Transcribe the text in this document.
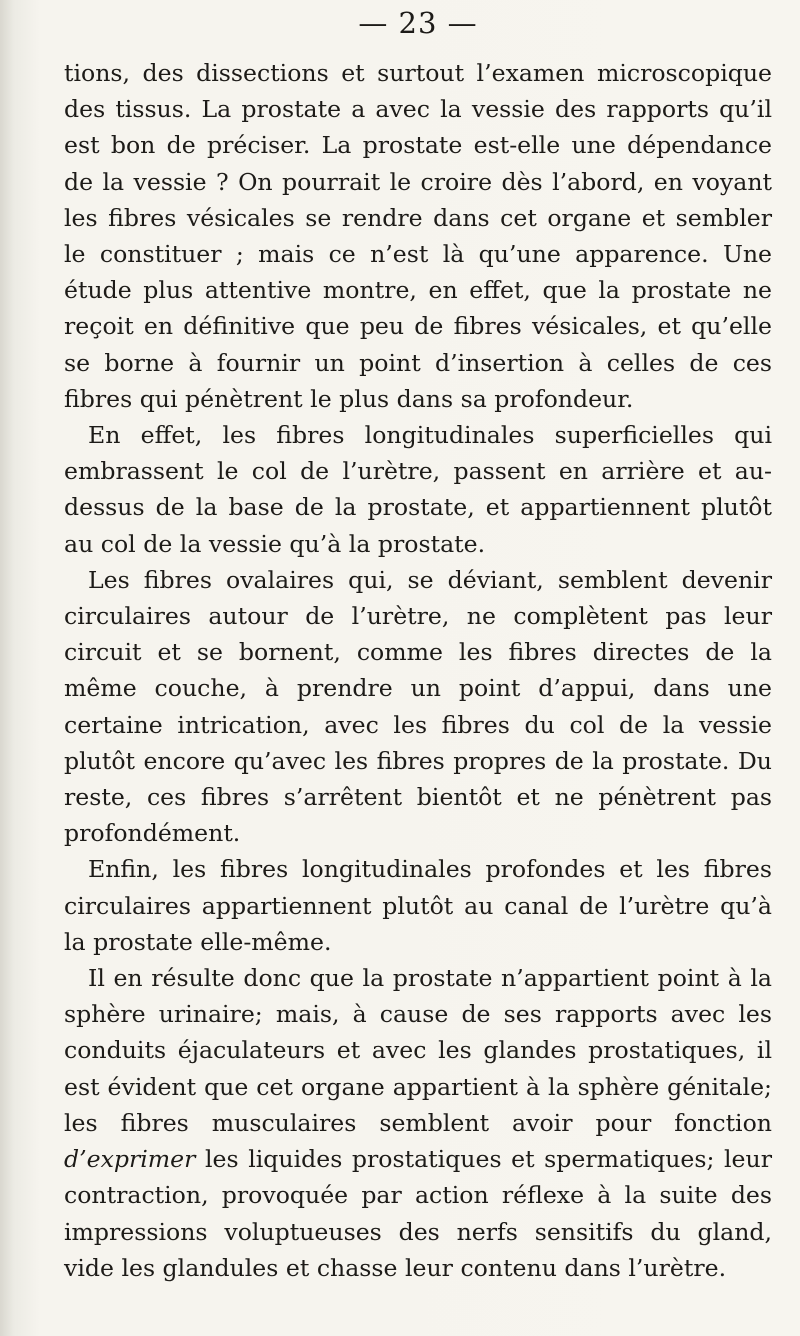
— 23 —

tions, des dissections et surtout l’examen microscopique des tissus. La prostate a avec la vessie des rapports qu’il est bon de préciser. La prostate est-elle une dépendance de la vessie ? On pourrait le croire dès l’abord, en voyant les fibres vésicales se rendre dans cet organe et sembler le constituer ; mais ce n’est là qu’une apparence. Une étude plus attentive montre, en effet, que la prostate ne reçoit en définitive que peu de fibres vésicales, et qu’elle se borne à fournir un point d’insertion à celles de ces fibres qui pénètrent le plus dans sa profondeur.

En effet, les fibres longitudinales superficielles qui embrassent le col de l’urètre, passent en arrière et au-dessus de la base de la prostate, et appartiennent plutôt au col de la vessie qu’à la prostate.

Les fibres ovalaires qui, se déviant, semblent devenir circulaires autour de l’urètre, ne complètent pas leur circuit et se bornent, comme les fibres directes de la même couche, à prendre un point d’appui, dans une certaine intrication, avec les fibres du col de la vessie plutôt encore qu’avec les fibres propres de la prostate. Du reste, ces fibres s’arrêtent bientôt et ne pénètrent pas profondément.

Enfin, les fibres longitudinales profondes et les fibres circulaires appartiennent plutôt au canal de l’urètre qu’à la prostate elle-même.

Il en résulte donc que la prostate n’appartient point à la sphère urinaire; mais, à cause de ses rapports avec les conduits éjaculateurs et avec les glandes prostatiques, il est évident que cet organe appartient à la sphère génitale; les fibres musculaires semblent avoir pour fonction d’exprimer les liquides prostatiques et spermatiques; leur contraction, provoquée par action réflexe à la suite des impressions voluptueuses des nerfs sensitifs du gland, vide les glandules et chasse leur contenu dans l’urètre.
